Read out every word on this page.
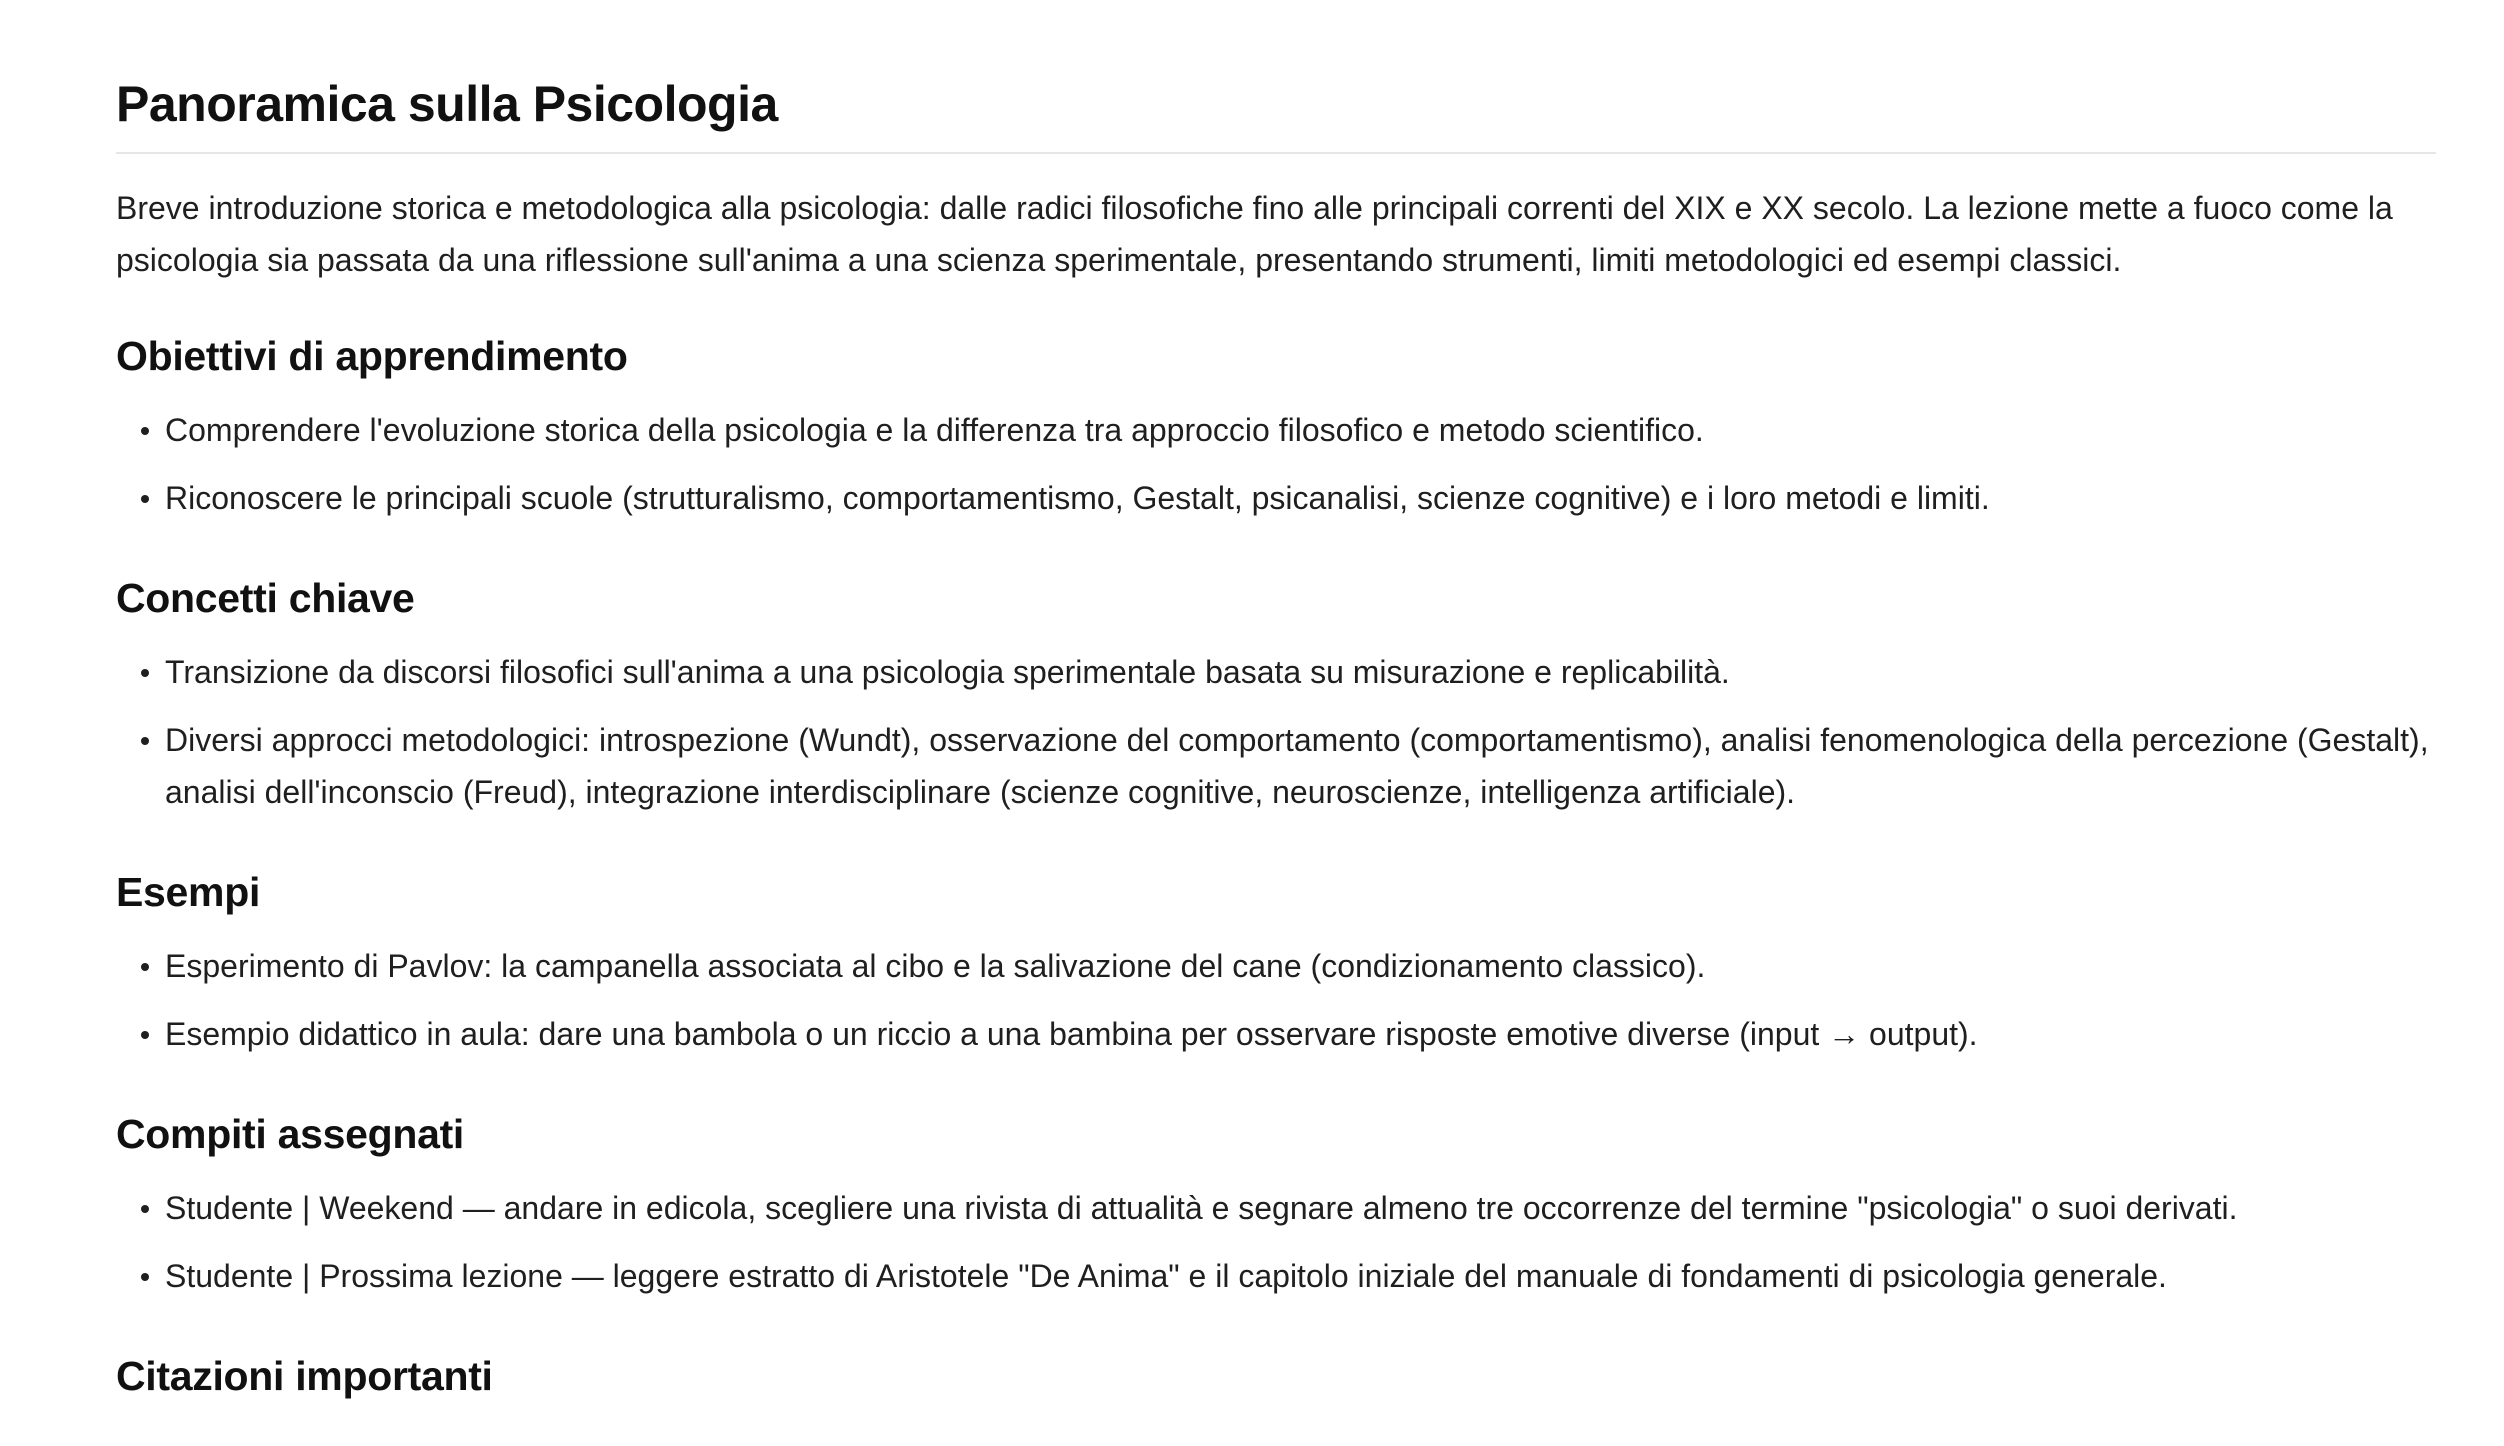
Panoramica sulla Psicologia

Breve introduzione storica e metodologica alla psicologia: dalle radici filosofiche fino alle principali correnti del XIX e XX secolo. La lezione mette a fuoco come la psicologia sia passata da una riflessione sull'anima a una scienza sperimentale, presentando strumenti, limiti metodologici ed esempi classici.

Obiettivi di apprendimento
Comprendere l'evoluzione storica della psicologia e la differenza tra approccio filosofico e metodo scientifico.
Riconoscere le principali scuole (strutturalismo, comportamentismo, Gestalt, psicanalisi, scienze cognitive) e i loro metodi e limiti.
Concetti chiave
Transizione da discorsi filosofici sull'anima a una psicologia sperimentale basata su misurazione e replicabilità.
Diversi approcci metodologici: introspezione (Wundt), osservazione del comportamento (comportamentismo), analisi fenomenologica della percezione (Gestalt), analisi dell'inconscio (Freud), integrazione interdisciplinare (scienze cognitive, neuroscienze, intelligenza artificiale).
Esempi
Esperimento di Pavlov: la campanella associata al cibo e la salivazione del cane (condizionamento classico).
Esempio didattico in aula: dare una bambola o un riccio a una bambina per osservare risposte emotive diverse (input → output).
Compiti assegnati
Studente | Weekend — andare in edicola, scegliere una rivista di attualità e segnare almeno tre occorrenze del termine "psicologia" o suoi derivati.
Studente | Prossima lezione — leggere estratto di Aristotele "De Anima" e il capitolo iniziale del manuale di fondamenti di psicologia generale.
Citazioni importanti
